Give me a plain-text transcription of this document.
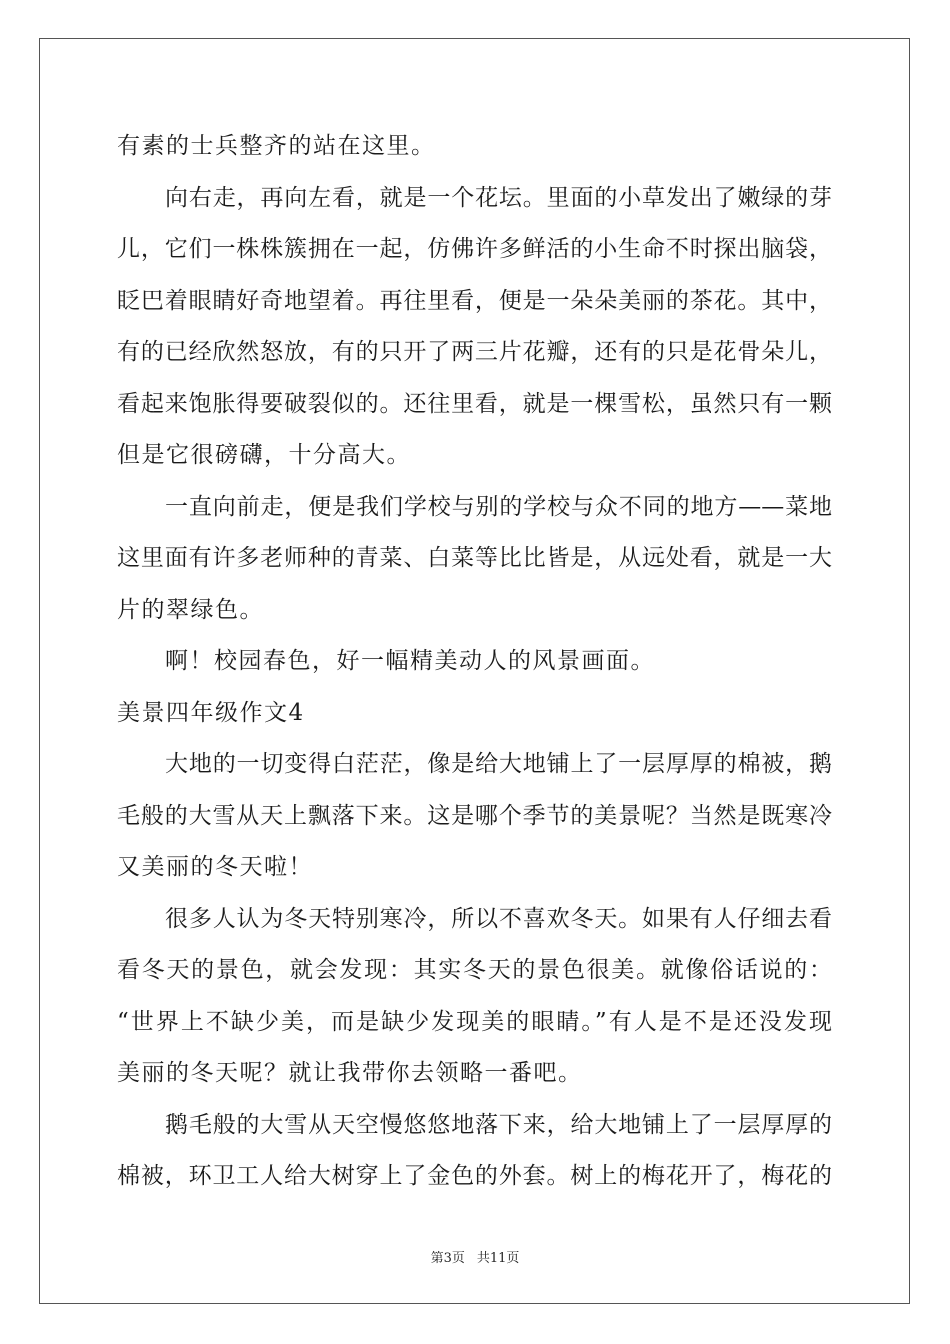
有素的士兵整齐的站在这里。
向右走，再向左看，就是一个花坛。里面的小草发出了嫩绿的芽
儿，它们一株株簇拥在一起，仿佛许多鲜活的小生命不时探出脑袋，
眨巴着眼睛好奇地望着。再往里看，便是一朵朵美丽的茶花。其中，
有的已经欣然怒放，有的只开了两三片花瓣，还有的只是花骨朵儿，
看起来饱胀得要破裂似的。还往里看，就是一棵雪松，虽然只有一颗
但是它很磅礴，十分高大。
一直向前走，便是我们学校与别的学校与众不同的地方——菜地
这里面有许多老师种的青菜、白菜等比比皆是，从远处看，就是一大
片的翠绿色。
啊！校园春色，好一幅精美动人的风景画面。
美景四年级作文4
大地的一切变得白茫茫，像是给大地铺上了一层厚厚的棉被，鹅
毛般的大雪从天上飘落下来。这是哪个季节的美景呢？当然是既寒冷
又美丽的冬天啦！
很多人认为冬天特别寒冷，所以不喜欢冬天。如果有人仔细去看
看冬天的景色，就会发现：其实冬天的景色很美。就像俗话说的：
“世界上不缺少美，而是缺少发现美的眼睛。”有人是不是还没发现
美丽的冬天呢？就让我带你去领略一番吧。
鹅毛般的大雪从天空慢悠悠地落下来，给大地铺上了一层厚厚的
棉被，环卫工人给大树穿上了金色的外套。树上的梅花开了，梅花的
第3页 共11页
